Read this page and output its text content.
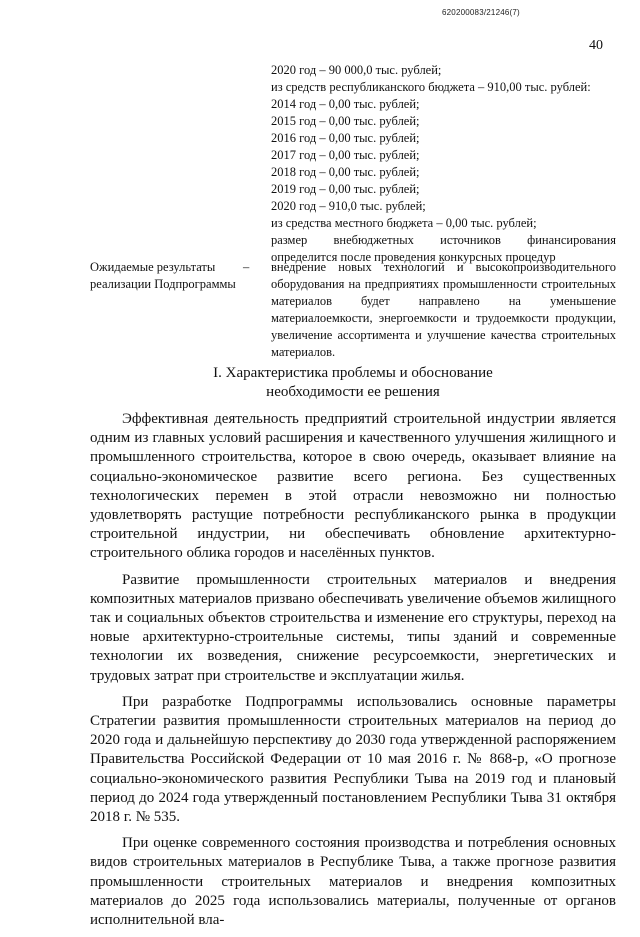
620200083/21246(7)
40
2020 год – 90 000,0 тыс. рублей;
из средств республиканского бюджета – 910,00 тыс. рублей:
2014 год – 0,00 тыс. рублей;
2015 год – 0,00 тыс. рублей;
2016 год – 0,00 тыс. рублей;
2017 год – 0,00 тыс. рублей;
2018 год – 0,00 тыс. рублей;
2019 год – 0,00 тыс. рублей;
2020 год – 910,0 тыс. рублей;
из средства местного бюджета – 0,00 тыс. рублей;
размер внебюджетных источников финансирования определится после проведения конкурсных процедур
Ожидаемые результаты реализации Подпрограммы
– внедрение новых технологий и высокопроизводительного оборудования на предприятиях промышленности строительных материалов будет направлено на уменьшение материалоемкости, энергоемкости и трудоемкости продукции, увеличение ассортимента и улучшение качества строительных материалов.
I. Характеристика проблемы и обоснование
необходимости ее решения

Эффективная деятельность предприятий строительной индустрии является одним из главных условий расширения и качественного улучшения жилищного и промышленного строительства, которое в свою очередь, оказывает влияние на социально-экономическое развитие всего региона. Без существенных технологических перемен в этой отрасли невозможно ни полностью удовлетворять растущие потребности республиканского рынка в продукции строительной индустрии, ни обеспечивать обновление архитектурно-строительного облика городов и населённых пунктов.

Развитие промышленности строительных материалов и внедрения композитных материалов призвано обеспечивать увеличение объемов жилищного так и социальных объектов строительства и изменение его структуры, переход на новые архитектурно-строительные системы, типы зданий и современные технологии их возведения, снижение ресурсоемкости, энергетических и трудовых затрат при строительстве и эксплуатации жилья.

При разработке Подпрограммы использовались основные параметры Стратегии развития промышленности строительных материалов на период до 2020 года и дальнейшую перспективу до 2030 года утвержденной распоряжением Правительства Российской Федерации от 10 мая 2016 г. № 868-р, «О прогнозе социально-экономического развития Республики Тыва на 2019 год и плановый период до 2024 года утвержденный постановлением Республики Тыва 31 октября 2018 г. № 535.

При оценке современного состояния производства и потребления основных видов строительных материалов в Республике Тыва, а также прогнозе развития промышленности строительных материалов и внедрения композитных материалов до 2025 года использовались материалы, полученные от органов исполнительной вла-
